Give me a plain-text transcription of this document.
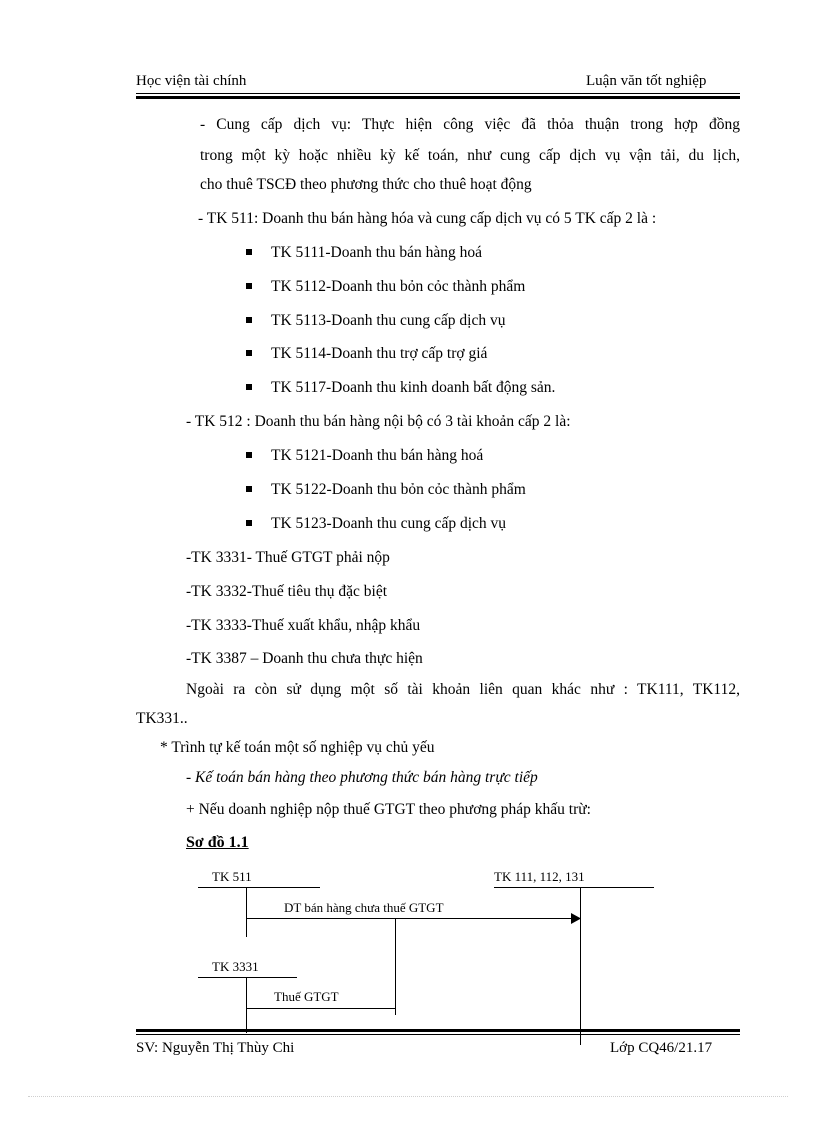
Học viện tài chính	Luận văn tốt nghiệp
- Cung cấp dịch vụ: Thực hiện công việc đã thỏa thuận trong hợp đồng
trong một kỳ hoặc nhiều kỳ kế toán, như cung cấp dịch vụ vận tải, du lịch,
cho thuê TSCĐ theo phương thức cho thuê hoạt động
- TK 511: Doanh thu bán hàng hóa và cung cấp dịch vụ có 5 TK cấp 2 là :
TK 5111-Doanh thu bán hàng hoá
TK 5112-Doanh thu bỏn cỏc thành phẩm
TK 5113-Doanh thu cung cấp dịch vụ
TK 5114-Doanh thu trợ cấp trợ giá
TK 5117-Doanh thu kinh doanh bất động sản.
- TK 512 : Doanh thu bán hàng nội bộ có 3 tài khoản cấp 2 là:
TK 5121-Doanh thu bán hàng hoá
TK 5122-Doanh thu bỏn cỏc thành phẩm
TK 5123-Doanh thu cung cấp dịch vụ
-TK 3331- Thuế GTGT phải nộp
-TK 3332-Thuế tiêu thụ đặc biệt
-TK 3333-Thuế xuất khẩu, nhập khẩu
-TK 3387 – Doanh thu chưa thực hiện
Ngoài ra còn sử dụng một số tài khoản liên quan khác như : TK111, TK112,
TK331..
* Trình tự kế toán một số nghiệp vụ chủ yếu
- Kế toán bán hàng theo phương thức bán hàng trực tiếp
+ Nếu doanh nghiệp nộp thuế GTGT theo phương pháp khấu trừ:
Sơ đồ 1.1
TK 511	TK 111, 112, 131
DT bán hàng chưa thuế GTGT
TK 3331
Thuế GTGT
SV: Nguyễn Thị Thùy Chi	Lớp CQ46/21.17
